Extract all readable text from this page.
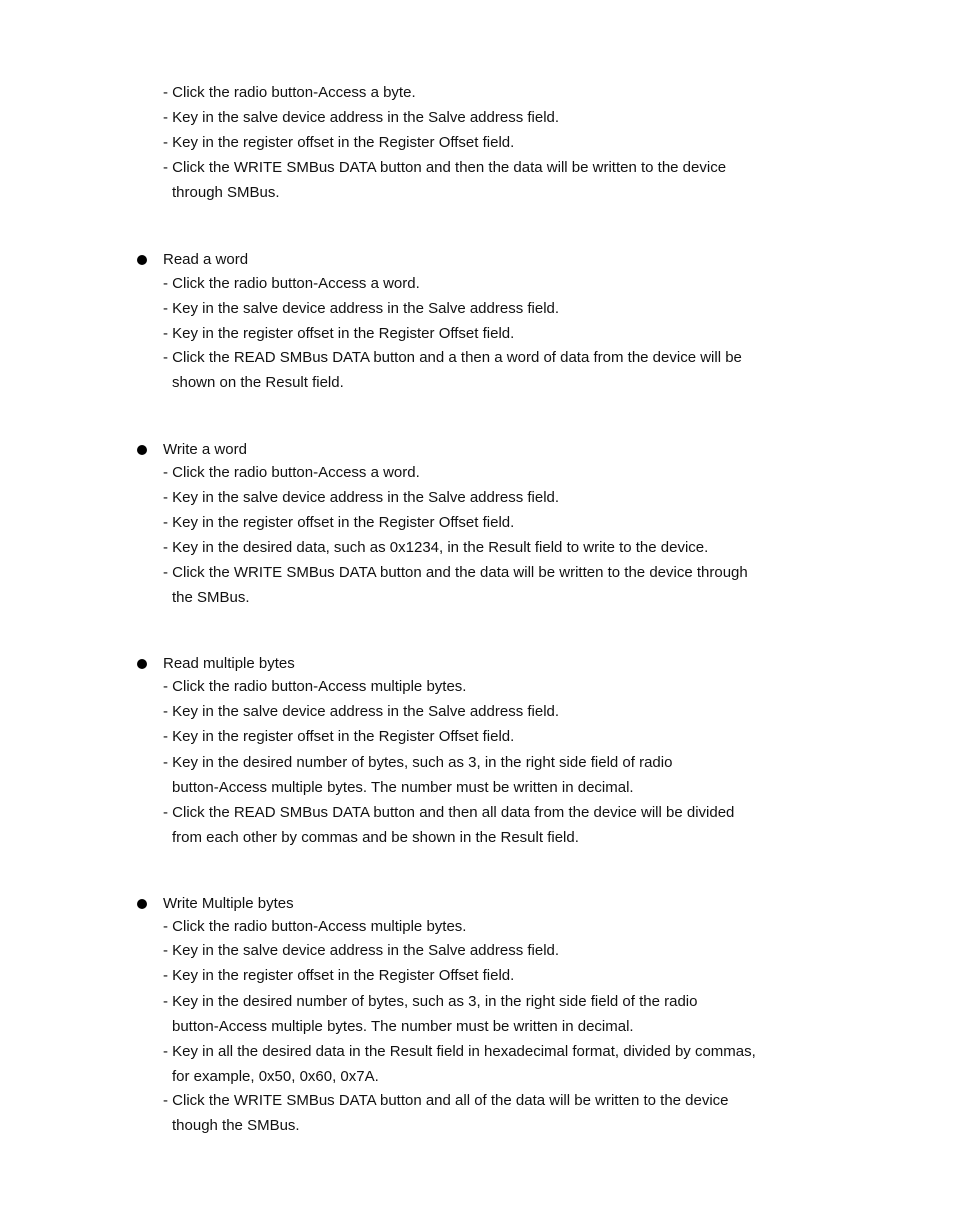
- Click the radio button-Access a byte.
- Key in the salve device address in the Salve address field.
- Key in the register offset in the Register Offset field.
- Click the WRITE SMBus DATA button and then the data will be written to the device
through SMBus.
Read a word
- Click the radio button-Access a word.
- Key in the salve device address in the Salve address field.
- Key in the register offset in the Register Offset field.
- Click the READ SMBus DATA button and a then a word of data from the device will be
shown on the Result field.
Write a word
- Click the radio button-Access a word.
- Key in the salve device address in the Salve address field.
- Key in the register offset in the Register Offset field.
- Key in the desired data, such as 0x1234, in the Result field to write to the device.
- Click the WRITE SMBus DATA button and the data will be written to the device through
the SMBus.
Read multiple bytes
- Click the radio button-Access multiple bytes.
- Key in the salve device address in the Salve address field.
- Key in the register offset in the Register Offset field.
- Key in the desired number of bytes, such as 3, in the right side field of radio
button-Access multiple bytes. The number must be written in decimal.
- Click the READ SMBus DATA button and then all data from the device will be divided
from each other by commas and be shown in the Result field.
Write Multiple bytes
- Click the radio button-Access multiple bytes.
- Key in the salve device address in the Salve address field.
- Key in the register offset in the Register Offset field.
- Key in the desired number of bytes, such as 3, in the right side field of the radio
button-Access multiple bytes. The number must be written in decimal.
- Key in all the desired data in the Result field in hexadecimal format, divided by commas,
for example, 0x50, 0x60, 0x7A.
- Click the WRITE SMBus DATA button and all of the data will be written to the device
though the SMBus.
